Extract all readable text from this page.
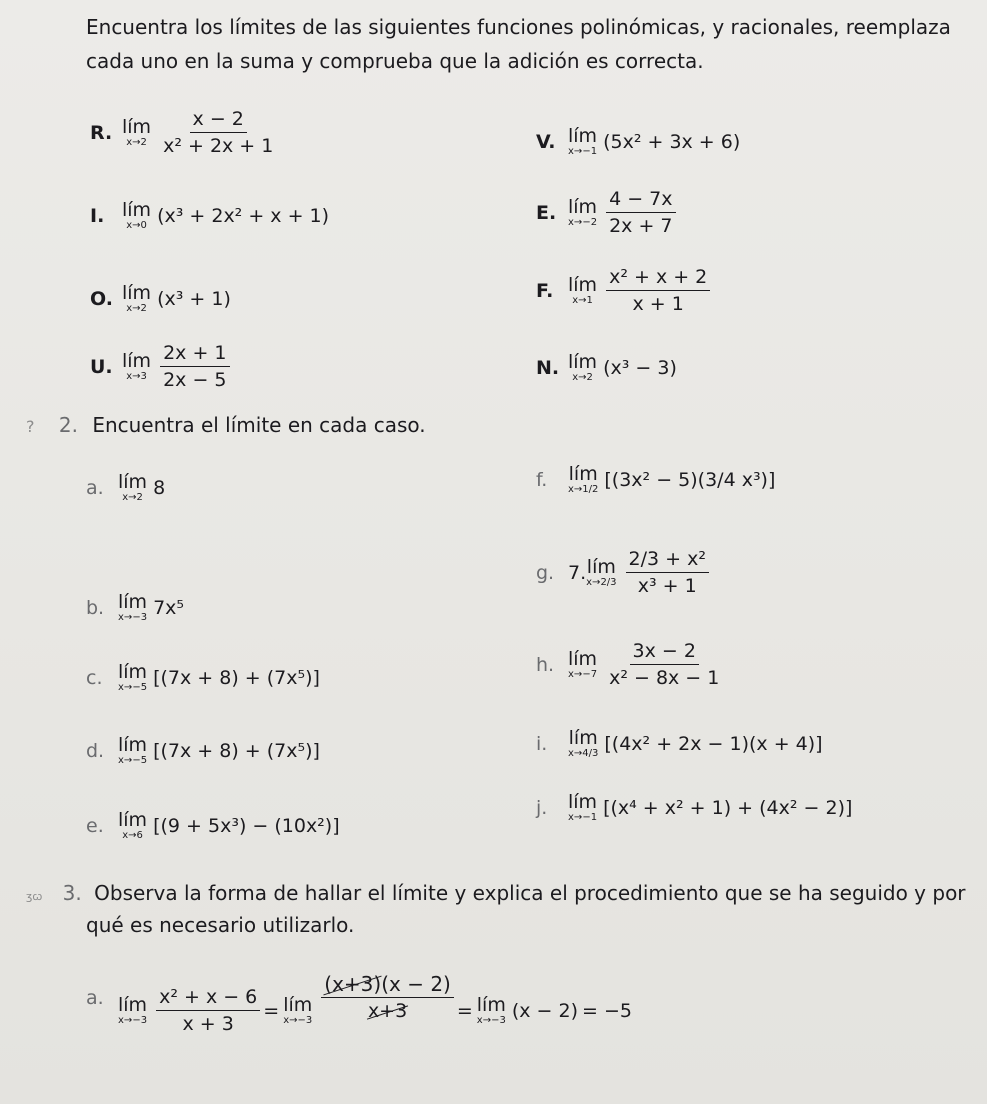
Encuentra los límites de las siguientes funciones polinómicas, y racionales, reemplaza
cada uno en la suma y comprueba que la adición es correcta.
R. lím
$x\to 2 \frac{x - 2}{\text{x² + 2x + 1}}$	V. lím
x→−1 (5x² + 3x + 6)
I. lím
x→0 (x³ + 2x² + x + 1)	E. lím
$x\to-2 \frac{4 - 7x}{2x + 7}$
O. lím
x→2 (x³ + 1)	F. lím
$x\to 1 \frac{\text{x² + x + 2}}{x + 1}$
U. lím
$x\to 3 \frac{2x + 1}{2x - 5}$	N. lím
x→2 (x³ − 3)
? 2. Encuentra el límite en cada caso.
a. lím
x→2 8	f.	lím
x→1/2 [(3x² − 5)(3/4 x³)]
b. lím
x→−3 7x⁵
g. 7. lím
$x\to 2/3 \frac{\text{2/3 + x²}}{\text{x³ + 1}}$
c. lím
x→−5 [(7x + 8) + (7x⁵)]
h. lím
$x\to-7 \frac{3x - 2}{\text{x² − 8x − 1}}$
d. lím
x→−5 [(7x + 8) + (7x⁵)]	i.	lím
x→4/3 [(4x² + 2x − 1)(x + 4)]
e. lím
x→6 [(9 + 5x³) − (10x²)]
j.	lím
x→−1 [(x⁴ + x² + 1) + (4x² − 2)]
ʒꞷ 3. Observa la forma de hallar el límite y explica el procedimiento que se ha seguido y por
qué es necesario utilizarlo.
a. lím
$x\to-3 \frac{\text{x² + x − 6}}{x + 3}$ = lím
$x\to-3 \frac{(x+3)(x - 2)}{x+3}$ = lím
x→−3 (x − 2) = −5
